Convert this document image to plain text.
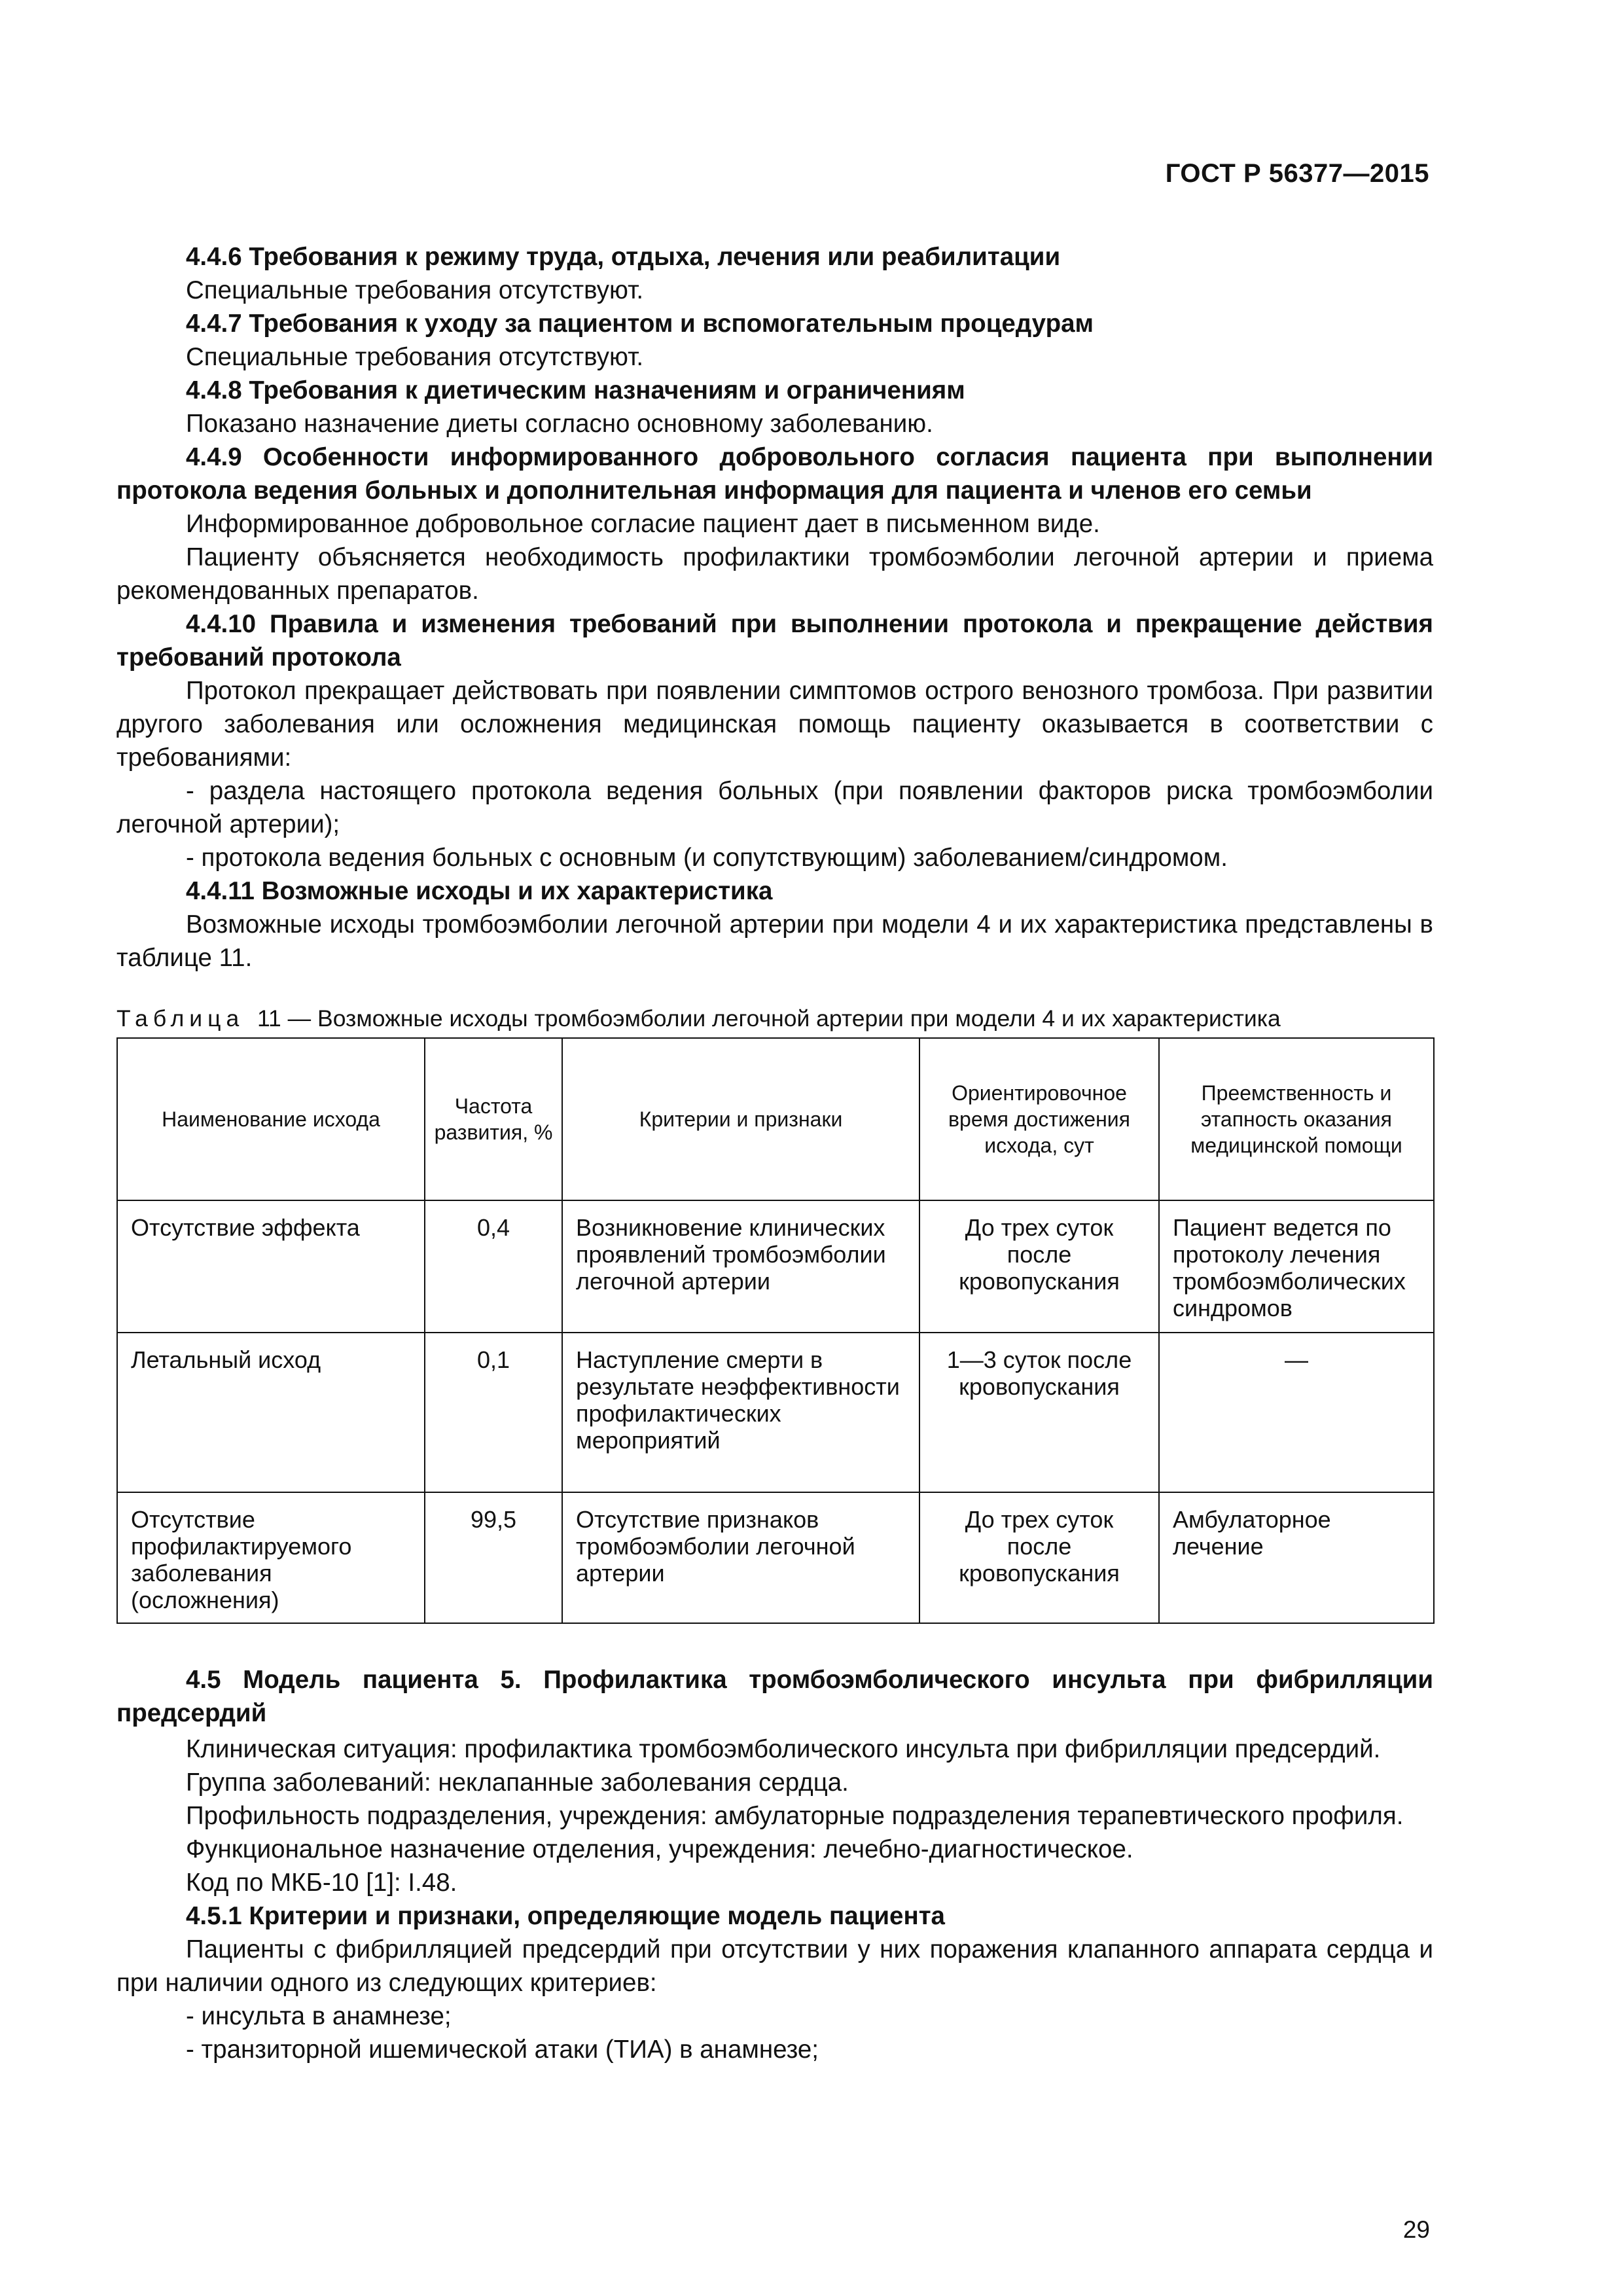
ГОСТ Р 56377—2015

4.4.6 Требования к режиму труда, отдыха, лечения или реабилитации

Специальные требования отсутствуют.

4.4.7 Требования к уходу за пациентом и вспомогательным процедурам

Специальные требования отсутствуют.

4.4.8 Требования к диетическим назначениям и ограничениям

Показано назначение диеты согласно основному заболеванию.

4.4.9 Особенности информированного добровольного согласия пациента при выполнении протокола ведения больных и дополнительная информация для пациента и членов его семьи

Информированное добровольное согласие пациент дает в письменном виде.

Пациенту объясняется необходимость профилактики тромбоэмболии легочной артерии и приема рекомендованных препаратов.

4.4.10 Правила и изменения требований при выполнении протокола и прекращение действия требований протокола

Протокол прекращает действовать при появлении симптомов острого венозного тромбоза. При развитии другого заболевания или осложнения медицинская помощь пациенту оказывается в соответствии с требованиями:

- раздела настоящего протокола ведения больных (при появлении факторов риска тромбоэмболии легочной артерии);

- протокола ведения больных с основным (и сопутствующим) заболеванием/синдромом.

4.4.11 Возможные исходы и их характеристика

Возможные исходы тромбоэмболии легочной артерии при модели 4 и их характеристика представлены в таблице 11.

Таблица 11 — Возможные исходы тромбоэмболии легочной артерии при модели 4 и их характеристика

Наименование исхода	Частота развития, %	Критерии и признаки	Ориентировочное время достижения исхода, сут	Преемственность и этапность оказания медицинской помощи
Отсутствие эффекта	0,4	Возникновение клинических проявлений тромбоэмболии легочной артерии	До трех суток после кровопускания	Пациент ведется по протоколу лечения тромбоэмболических синдромов
Летальный исход	0,1	Наступление смерти в результате неэффективности профилактических мероприятий	1—3 суток после кровопускания	—
Отсутствие профилактируемого заболевания (осложнения)	99,5	Отсутствие признаков тромбоэмболии легочной артерии	До трех суток после кровопускания	Амбулаторное лечение

4.5 Модель пациента 5. Профилактика тромбоэмболического инсульта при фибрилляции предсердий

Клиническая ситуация: профилактика тромбоэмболического инсульта при фибрилляции предсердий.

Группа заболеваний: неклапанные заболевания сердца.

Профильность подразделения, учреждения: амбулаторные подразделения терапевтического профиля.

Функциональное назначение отделения, учреждения: лечебно-диагностическое.

Код по МКБ-10 [1]: I.48.

4.5.1 Критерии и признаки, определяющие модель пациента

Пациенты с фибрилляцией предсердий при отсутствии у них поражения клапанного аппарата сердца и при наличии одного из следующих критериев:

- инсульта в анамнезе;

- транзиторной ишемической атаки (ТИА) в анамнезе;

29
